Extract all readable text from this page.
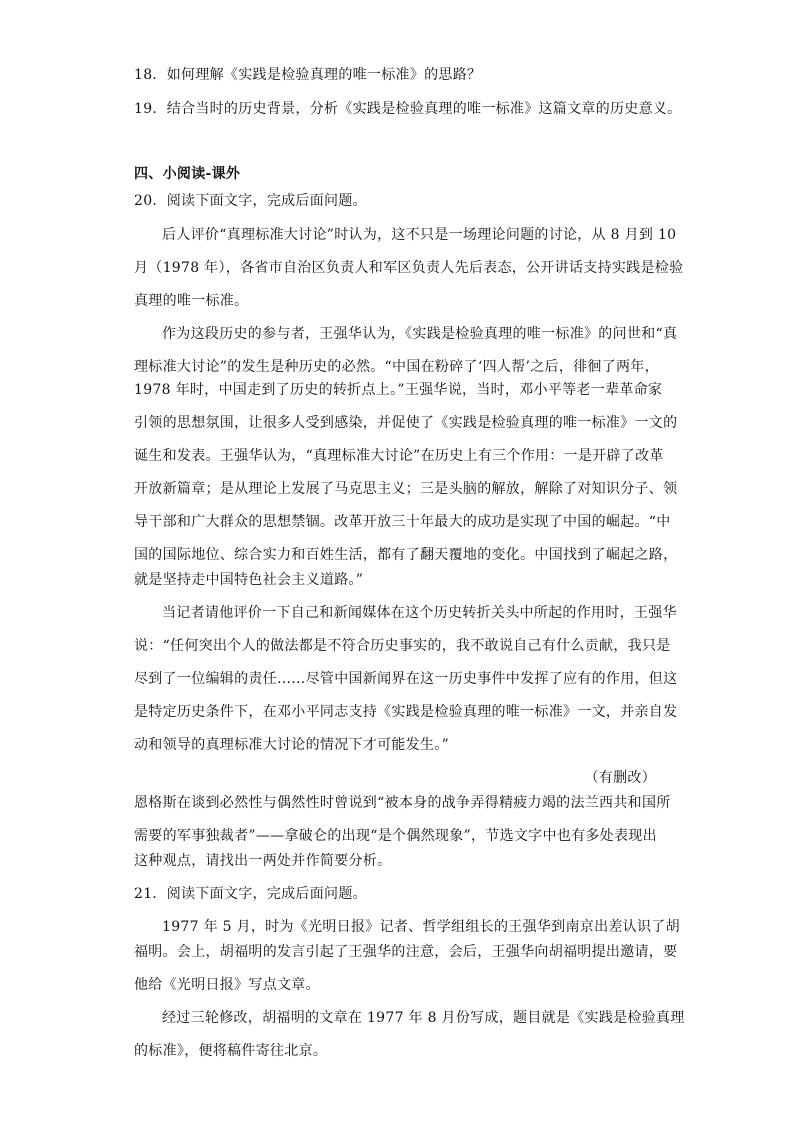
18．如何理解《实践是检验真理的唯一标准》的思路？
19．结合当时的历史背景，分析《实践是检验真理的唯一标准》这篇文章的历史意义。
四、小阅读-课外
20．阅读下面文字，完成后面问题。
后人评价“真理标准大讨论”时认为，这不只是一场理论问题的讨论，从 8 月到 10
月（1978 年），各省市自治区负责人和军区负责人先后表态，公开讲话支持实践是检验
真理的唯一标准。
作为这段历史的参与者，王强华认为，《实践是检验真理的唯一标准》的问世和“真
理标准大讨论”的发生是种历史的必然。“中国在粉碎了‘四人帮’之后，徘徊了两年，
1978 年时，中国走到了历史的转折点上。”王强华说，当时，邓小平等老一辈革命家
引领的思想氛围，让很多人受到感染，并促使了《实践是检验真理的唯一标准》一文的
诞生和发表。王强华认为，“真理标准大讨论”在历史上有三个作用：一是开辟了改革
开放新篇章；是从理论上发展了马克思主义；三是头脑的解放，解除了对知识分子、领
导干部和广大群众的思想禁锢。改革开放三十年最大的成功是实现了中国的崛起。“中
国的国际地位、综合实力和百姓生活，都有了翻天覆地的变化。中国找到了崛起之路，
就是坚持走中国特色社会主义道路。”
当记者请他评价一下自己和新闻媒体在这个历史转折关头中所起的作用时，王强华
说：“任何突出个人的做法都是不符合历史事实的，我不敢说自己有什么贡献，我只是
尽到了一位编辑的责任……尽管中国新闻界在这一历史事件中发挥了应有的作用，但这
是特定历史条件下，在邓小平同志支持《实践是检验真理的唯一标准》一文，并亲自发
动和领导的真理标准大讨论的情况下才可能发生。”
（有删改）
恩格斯在谈到必然性与偶然性时曾说到“被本身的战争弄得精疲力竭的法兰西共和国所
需要的军事独裁者”——拿破仑的出现“是个偶然现象”，节选文字中也有多处表现出
这种观点，请找出一两处并作简要分析。
21．阅读下面文字，完成后面问题。
1977 年 5 月，时为《光明日报》记者、哲学组组长的王强华到南京出差认识了胡
福明。会上，胡福明的发言引起了王强华的注意，会后，王强华向胡福明提出邀请，要
他给《光明日报》写点文章。
经过三轮修改，胡福明的文章在 1977 年 8 月份写成，题目就是《实践是检验真理
的标准》，便将稿件寄往北京。
